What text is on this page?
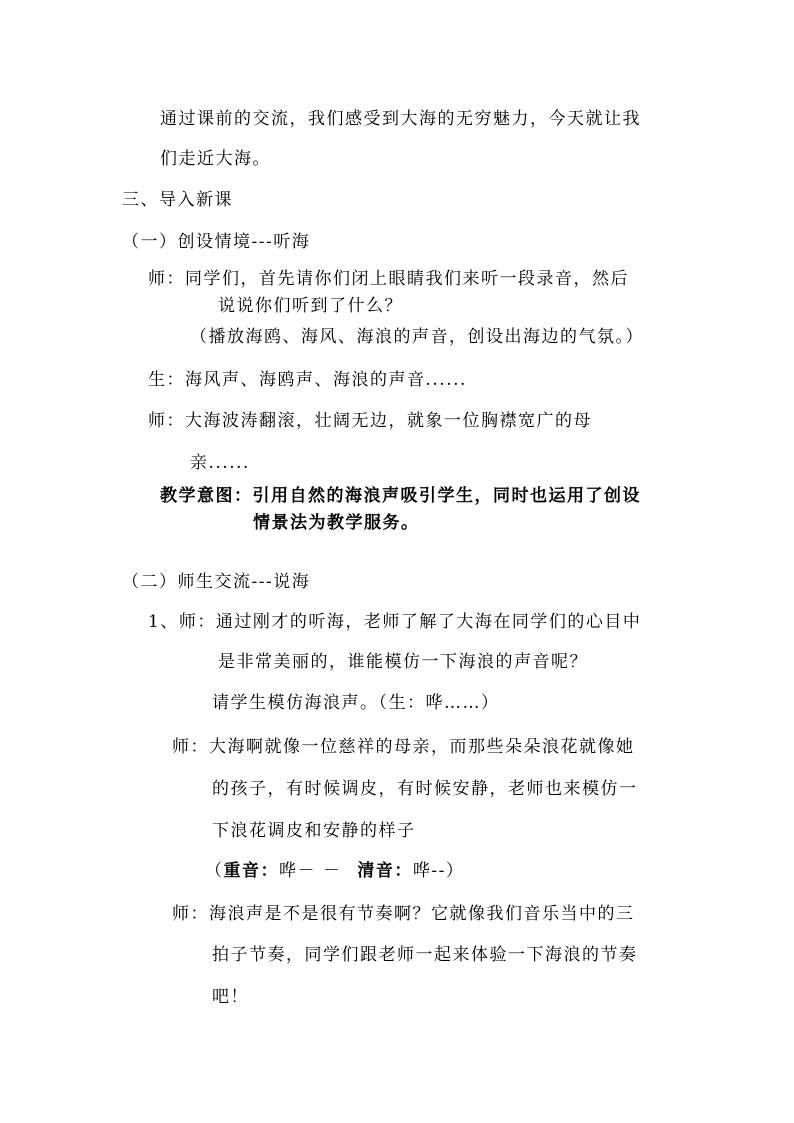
通过课前的交流，我们感受到大海的无穷魅力，今天就让我
们走近大海。
三、导入新课
（一）创设情境---听海
师：同学们，首先请你们闭上眼睛我们来听一段录音，然后
说说你们听到了什么？
（播放海鸥、海风、海浪的声音，创设出海边的气氛。）
生：海风声、海鸥声、海浪的声音......
师：大海波涛翻滚，壮阔无边，就象一位胸襟宽广的母
亲......
教学意图：引用自然的海浪声吸引学生，同时也运用了创设
情景法为教学服务。
（二）师生交流---说海
1、师：通过刚才的听海，老师了解了大海在同学们的心目中
是非常美丽的，谁能模仿一下海浪的声音呢？
请学生模仿海浪声。（生：哗……）
师：大海啊就像一位慈祥的母亲，而那些朵朵浪花就像她
的孩子，有时候调皮，有时候安静，老师也来模仿一
下浪花调皮和安静的样子
（重音：哗－ － 清音：哗--）
师：海浪声是不是很有节奏啊？它就像我们音乐当中的三
拍子节奏，同学们跟老师一起来体验一下海浪的节奏
吧！
